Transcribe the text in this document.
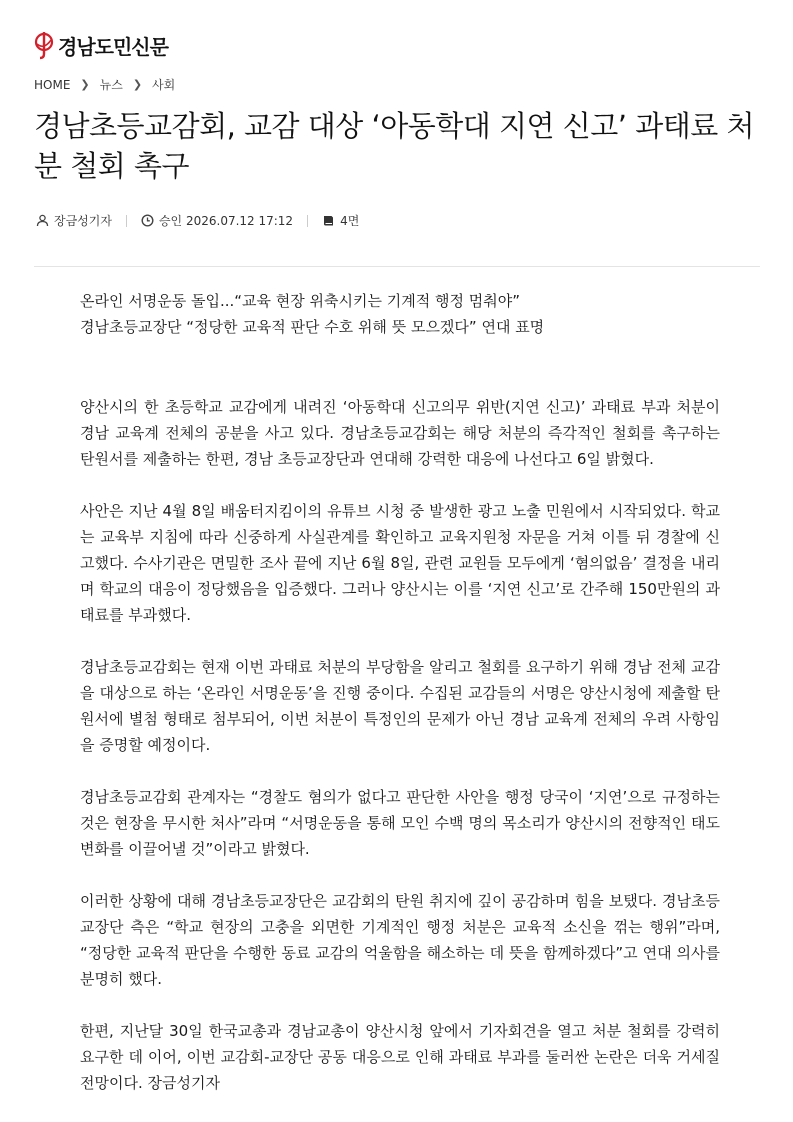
경남도민신문
HOME ❯ 뉴스 ❯ 사회
경남초등교감회, 교감 대상 ‘아동학대 지연 신고’ 과태료 처분 철회 촉구
장금성기자	승인 2026.07.12 17:12	4면

온라인 서명운동 돌입...“교육 현장 위축시키는 기계적 행정 멈춰야”

경남초등교장단 “정당한 교육적 판단 수호 위해 뜻 모으겠다” 연대 표명

양산시의 한 초등학교 교감에게 내려진 ‘아동학대 신고의무 위반(지연 신고)’ 과태료 부과 처분이 경남 교육계 전체의 공분을 사고 있다. 경남초등교감회는 해당 처분의 즉각적인 철회를 촉구하는 탄원서를 제출하는 한편, 경남 초등교장단과 연대해 강력한 대응에 나선다고 6일 밝혔다.

사안은 지난 4월 8일 배움터지킴이의 유튜브 시청 중 발생한 광고 노출 민원에서 시작되었다. 학교는 교육부 지침에 따라 신중하게 사실관계를 확인하고 교육지원청 자문을 거쳐 이틀 뒤 경찰에 신고했다. 수사기관은 면밀한 조사 끝에 지난 6월 8일, 관련 교원들 모두에게 ‘혐의없음’ 결정을 내리며 학교의 대응이 정당했음을 입증했다. 그러나 양산시는 이를 ‘지연 신고’로 간주해 150만원의 과태료를 부과했다.

경남초등교감회는 현재 이번 과태료 처분의 부당함을 알리고 철회를 요구하기 위해 경남 전체 교감을 대상으로 하는 ‘온라인 서명운동’을 진행 중이다. 수집된 교감들의 서명은 양산시청에 제출할 탄원서에 별첨 형태로 첨부되어, 이번 처분이 특정인의 문제가 아닌 경남 교육계 전체의 우려 사항임을 증명할 예정이다.

경남초등교감회 관계자는 “경찰도 혐의가 없다고 판단한 사안을 행정 당국이 ‘지연’으로 규정하는 것은 현장을 무시한 처사”라며 “서명운동을 통해 모인 수백 명의 목소리가 양산시의 전향적인 태도 변화를 이끌어낼 것”이라고 밝혔다.

이러한 상황에 대해 경남초등교장단은 교감회의 탄원 취지에 깊이 공감하며 힘을 보탰다. 경남초등교장단 측은 “학교 현장의 고충을 외면한 기계적인 행정 처분은 교육적 소신을 꺾는 행위”라며, “정당한 교육적 판단을 수행한 동료 교감의 억울함을 해소하는 데 뜻을 함께하겠다”고 연대 의사를 분명히 했다.

한편, 지난달 30일 한국교총과 경남교총이 양산시청 앞에서 기자회견을 열고 처분 철회를 강력히 요구한 데 이어, 이번 교감회-교장단 공동 대응으로 인해 과태료 부과를 둘러싼 논란은 더욱 거세질 전망이다. 장금성기자
